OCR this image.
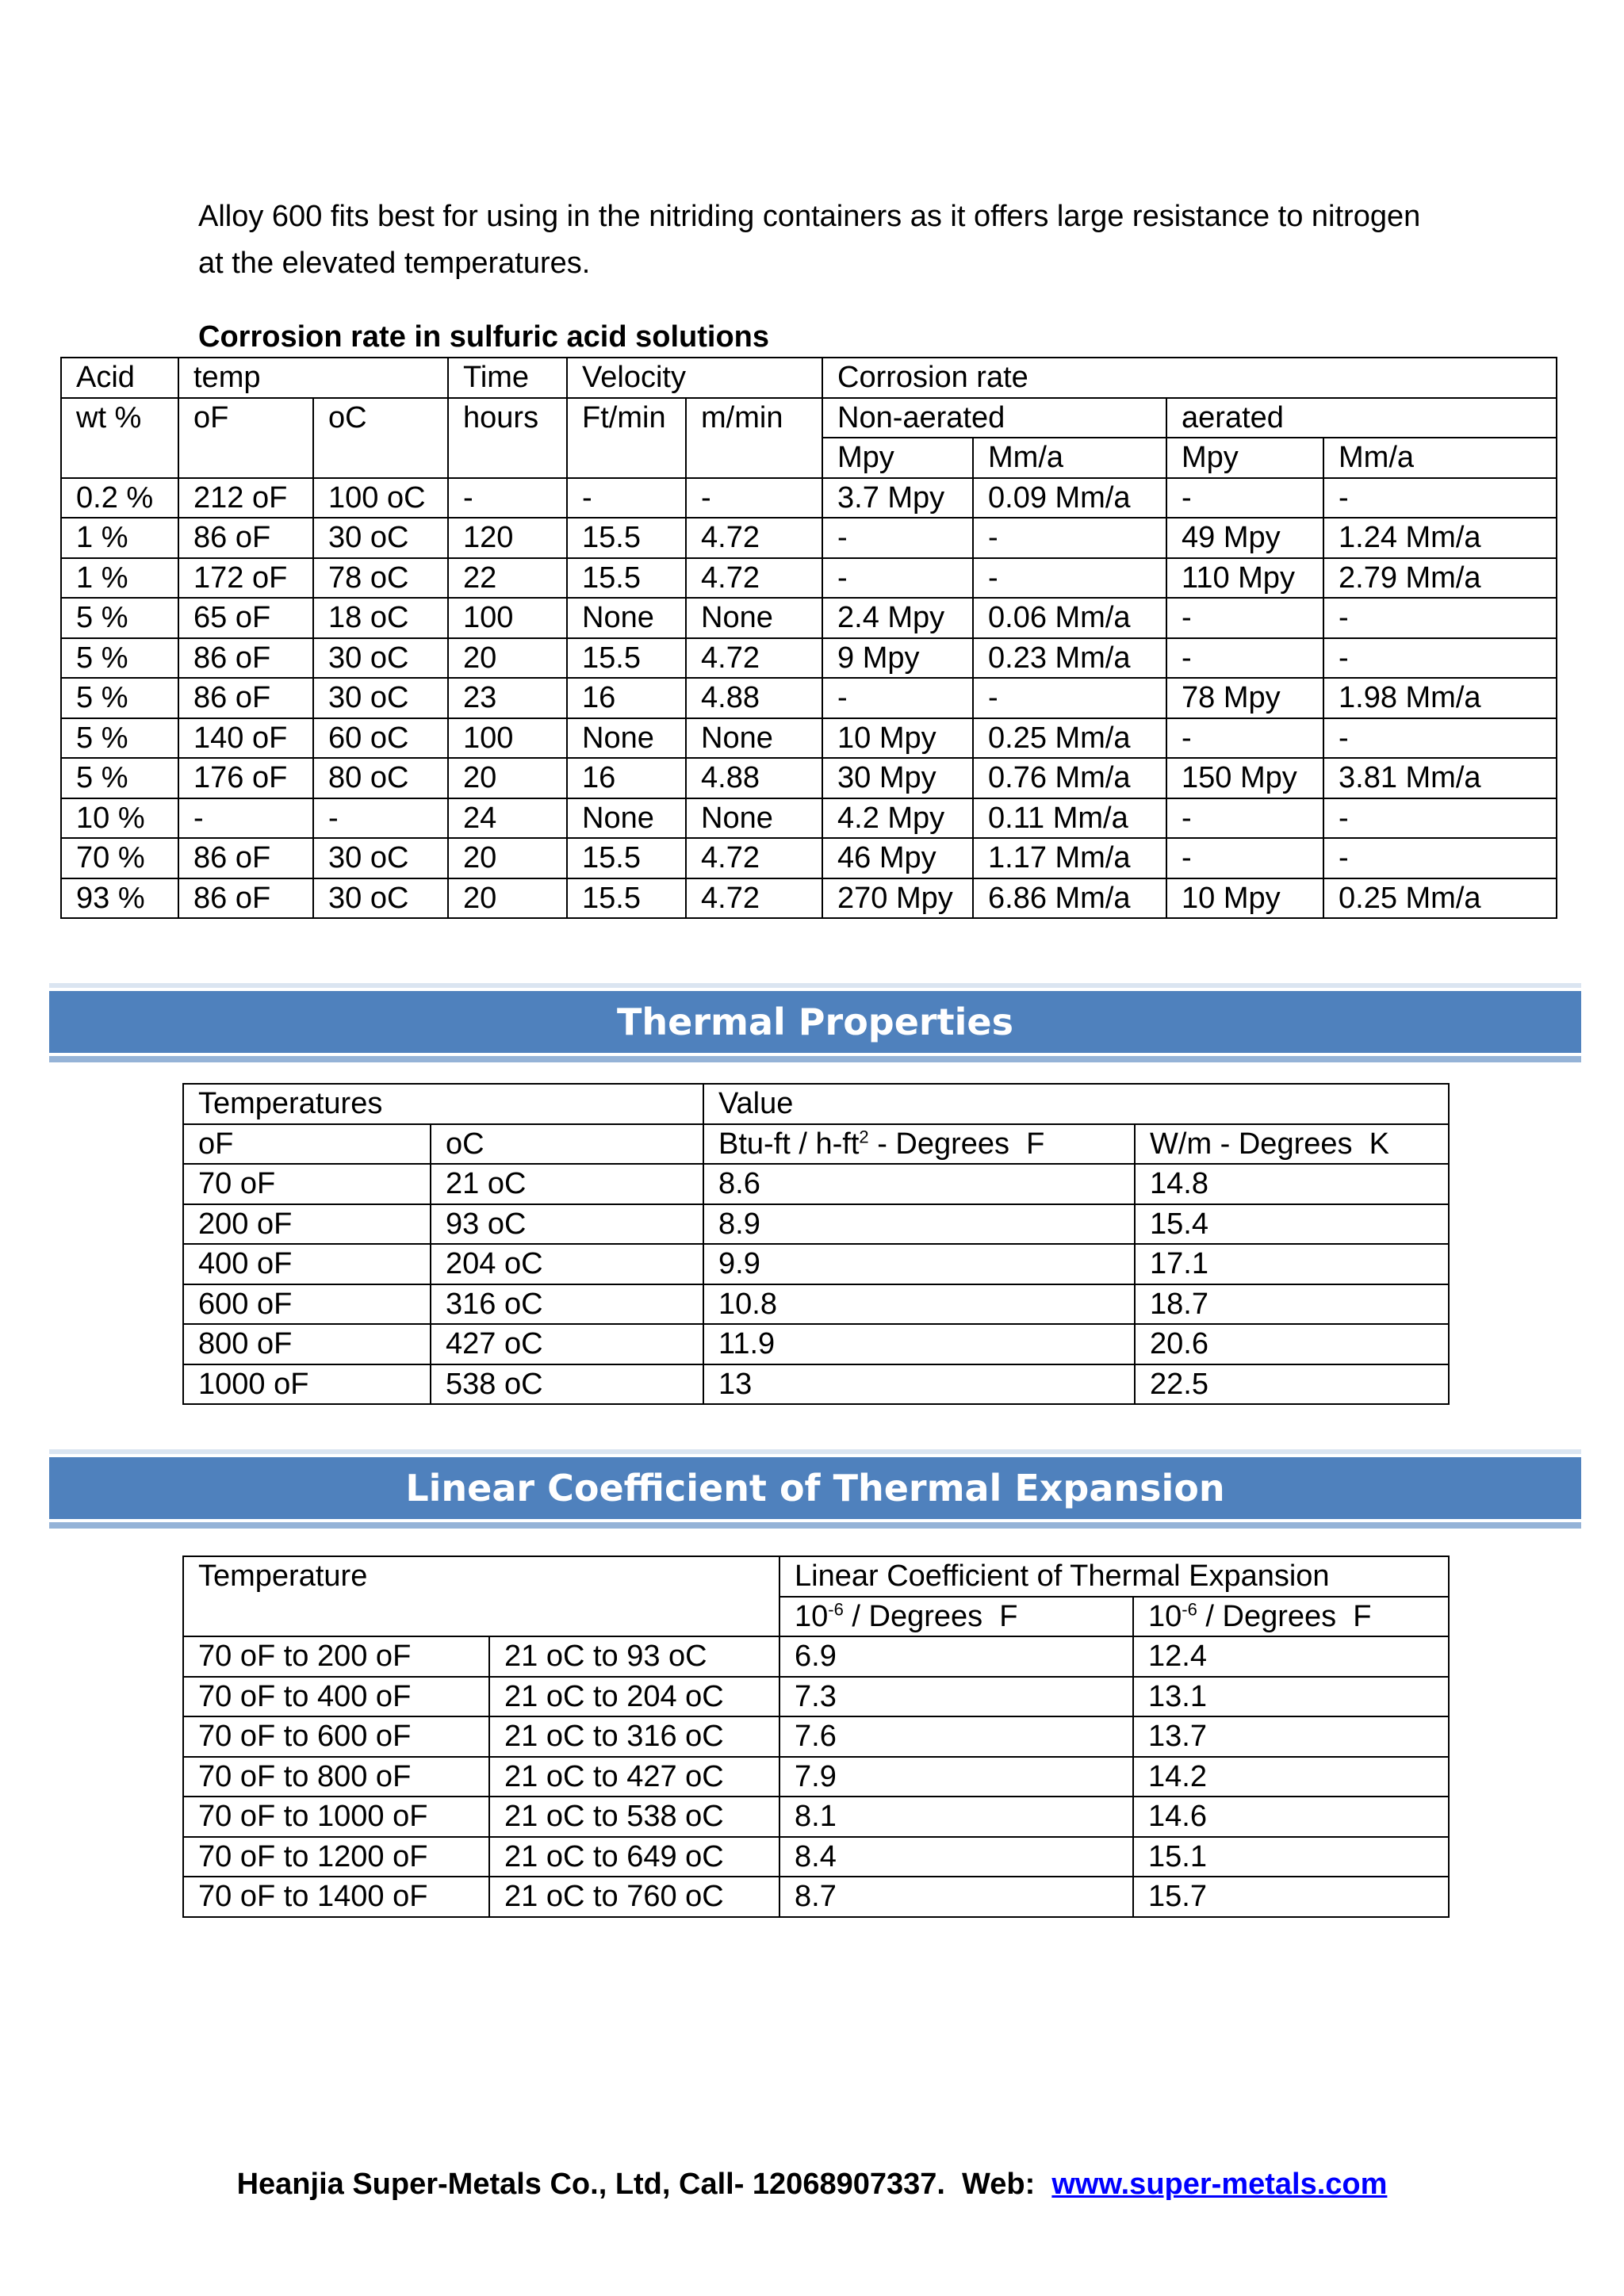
Alloy 600 fits best for using in the nitriding containers as it offers large resistance to nitrogen
at the elevated temperatures.

Corrosion rate in sulfuric acid solutions

Acid	temp		Time	Velocity		Corrosion rate			
wt %	oF	oC	hours	Ft/min	m/min	Non-aerated		aerated	
						Mpy	Mm/a	Mpy	Mm/a
0.2 %	212 oF	100 oC	-	-	-	3.7 Mpy	0.09 Mm/a	-	-
1 %	86 oF	30 oC	120	15.5	4.72	-	-	49 Mpy	1.24 Mm/a
1 %	172 oF	78 oC	22	15.5	4.72	-	-	110 Mpy	2.79 Mm/a
5 %	65 oF	18 oC	100	None	None	2.4 Mpy	0.06 Mm/a	-	-
5 %	86 oF	30 oC	20	15.5	4.72	9 Mpy	0.23 Mm/a	-	-
5 %	86 oF	30 oC	23	16	4.88	-	-	78 Mpy	1.98 Mm/a
5 %	140 oF	60 oC	100	None	None	10 Mpy	0.25 Mm/a	-	-
5 %	176 oF	80 oC	20	16	4.88	30 Mpy	0.76 Mm/a	150 Mpy	3.81 Mm/a
10 %	-	-	24	None	None	4.2 Mpy	0.11 Mm/a	-	-
70 %	86 oF	30 oC	20	15.5	4.72	46 Mpy	1.17 Mm/a	-	-
93 %	86 oF	30 oC	20	15.5	4.72	270 Mpy	6.86 Mm/a	10 Mpy	0.25 Mm/a
Thermal Properties
Temperatures		Value	
oF	oC	$Btu-ft / h-ft^2$ - Degrees  F	W/m - Degrees  K
70 oF	21 oC	8.6	14.8
200 oF	93 oC	8.9	15.4
400 oF	204 oC	9.9	17.1
600 oF	316 oC	10.8	18.7
800 oF	427 oC	11.9	20.6
1000 oF	538 oC	13	22.5
Linear Coefficient of Thermal Expansion
Temperature		Linear Coefficient of Thermal Expansion	
		$10^{-6}$ / Degrees  F	$10^{-6}$ / Degrees  F
70 oF to 200 oF	21 oC to 93 oC	6.9	12.4
70 oF to 400 oF	21 oC to 204 oC	7.3	13.1
70 oF to 600 oF	21 oC to 316 oC	7.6	13.7
70 oF to 800 oF	21 oC to 427 oC	7.9	14.2
70 oF to 1000 oF	21 oC to 538 oC	8.1	14.6
70 oF to 1200 oF	21 oC to 649 oC	8.4	15.1
70 oF to 1400 oF	21 oC to 760 oC	8.7	15.7

Heanjia Super-Metals Co., Ltd, Call- 12068907337.  Web:  www.super-metals.com
